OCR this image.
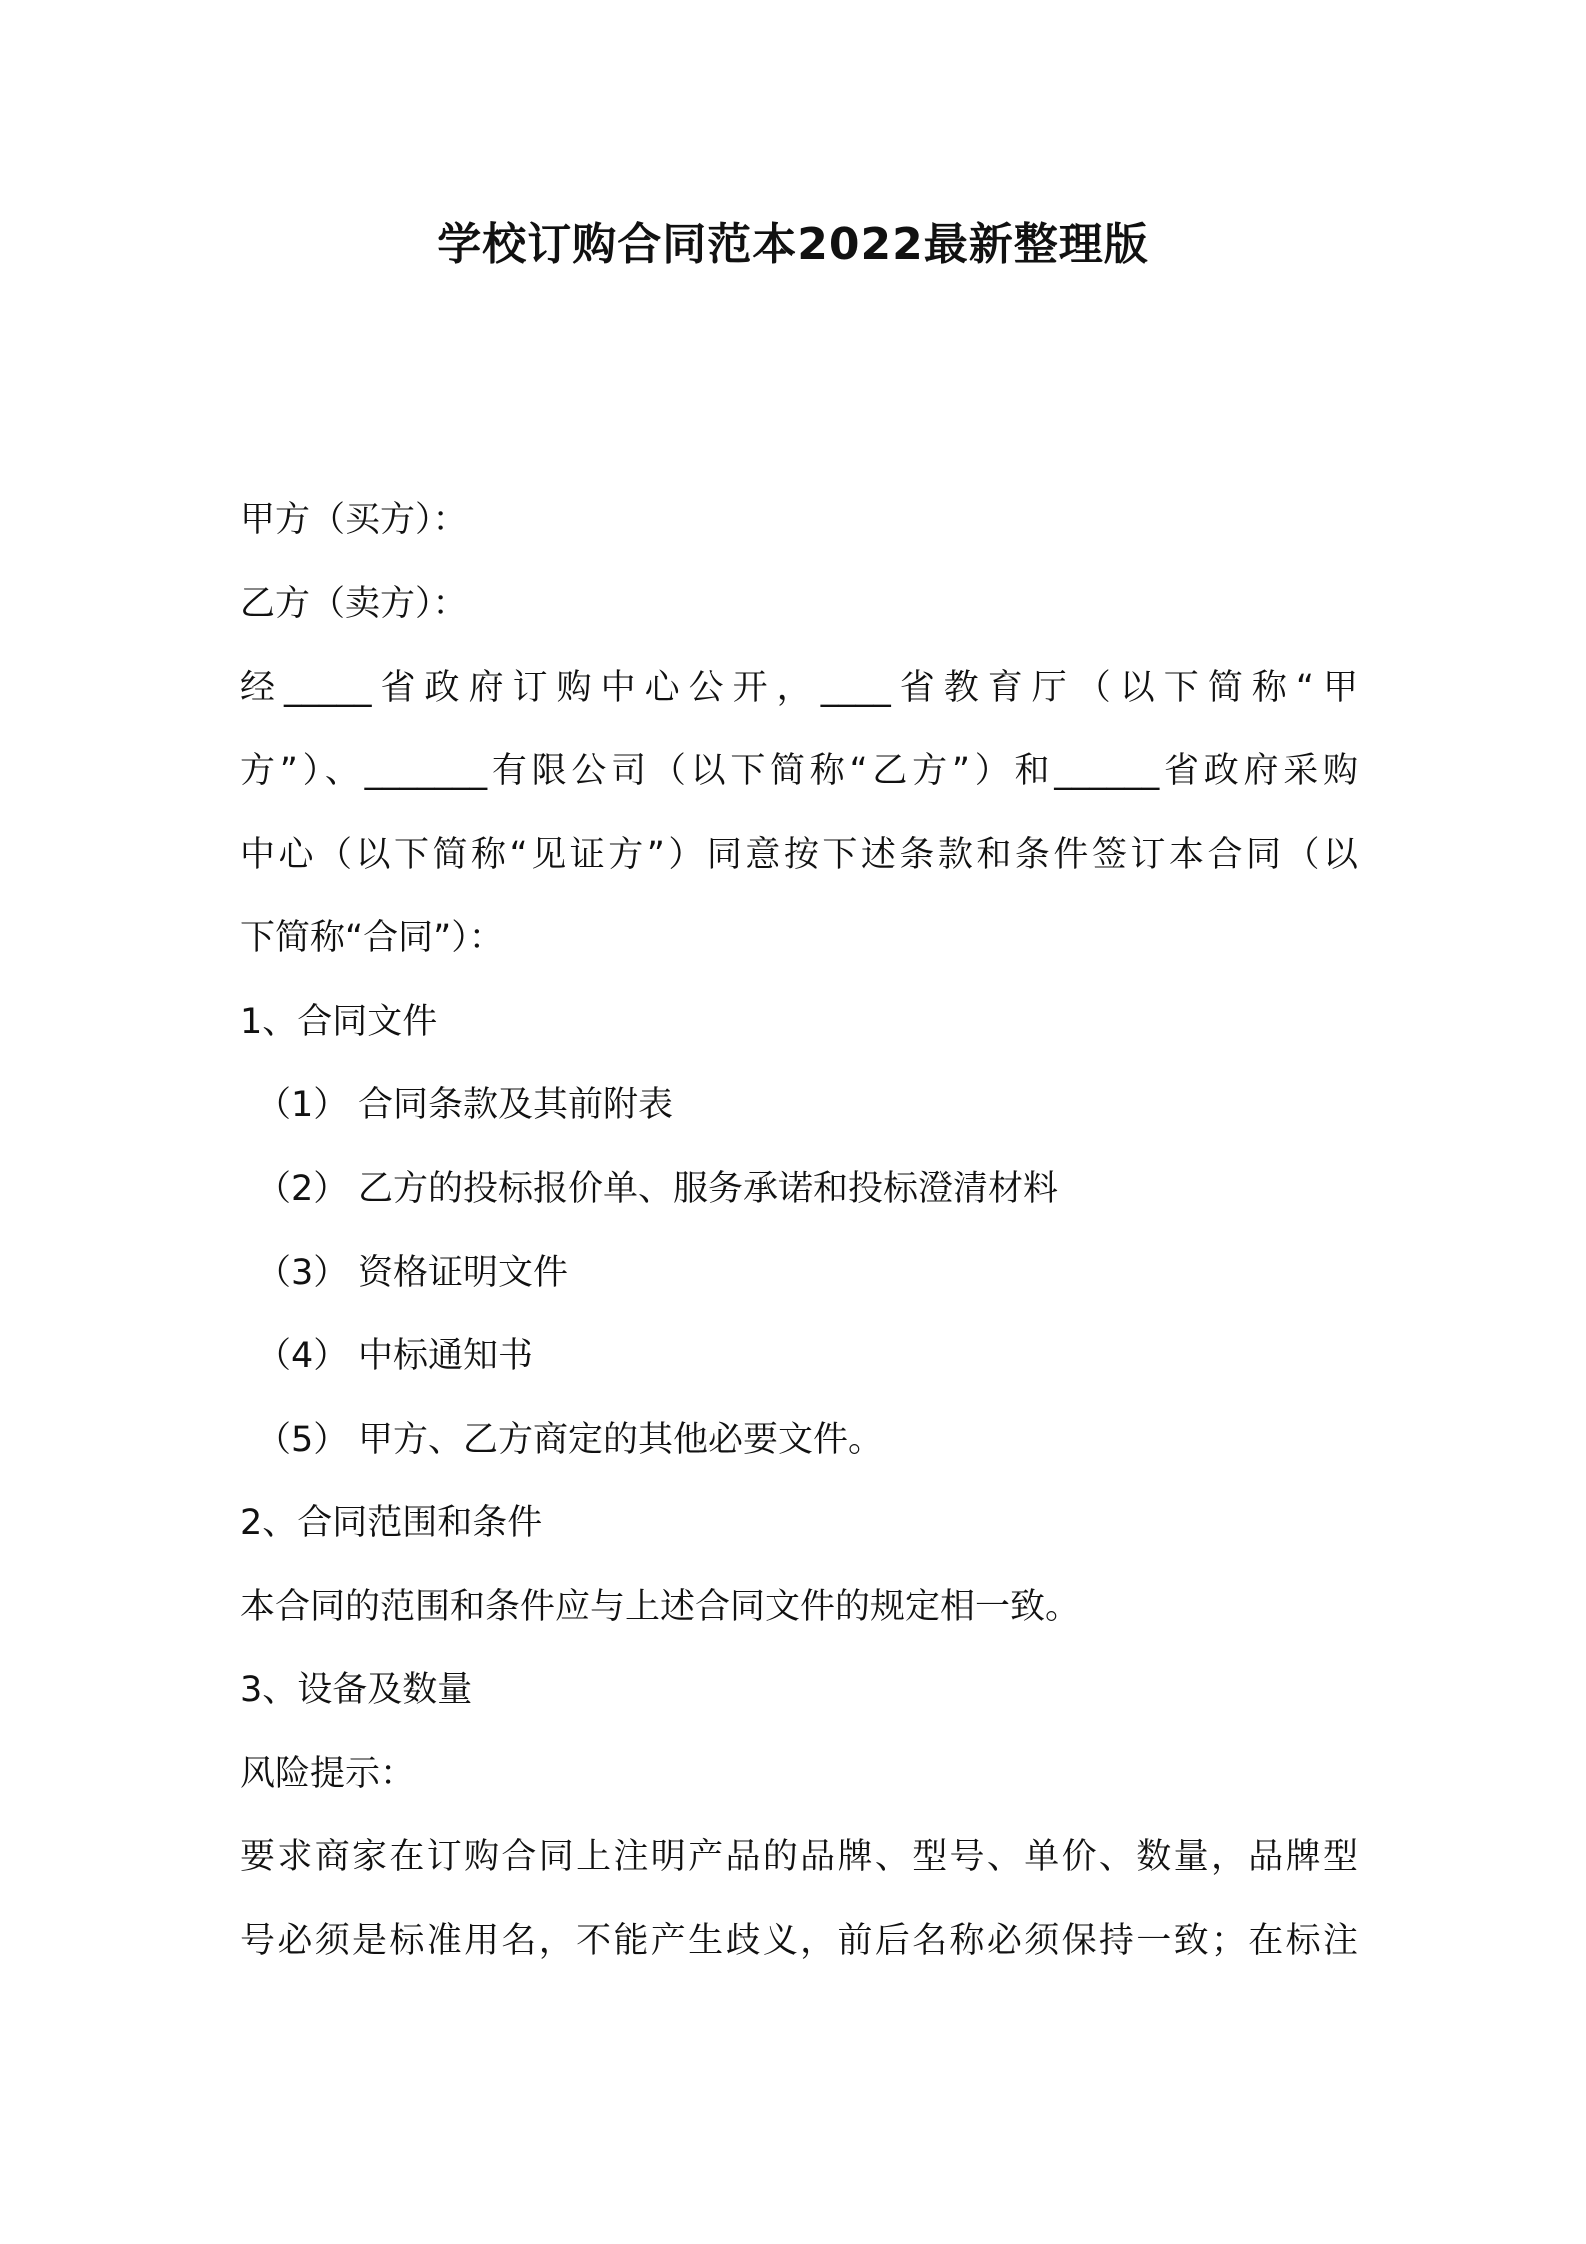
学校订购合同范本2022最新整理版
甲方（买方）：
乙方（卖方）：
经_____省政府订购中心公开，____省教育厅（以下简称“甲
方”）、_______有限公司（以下简称“乙方”）和______省政府采购
中心（以下简称“见证方”）同意按下述条款和条件签订本合同（以
下简称“合同”）：
1、合同文件
（1） 合同条款及其前附表
（2） 乙方的投标报价单、服务承诺和投标澄清材料
（3） 资格证明文件
（4） 中标通知书
（5） 甲方、乙方商定的其他必要文件。
2、合同范围和条件
本合同的范围和条件应与上述合同文件的规定相一致。
3、设备及数量
风险提示：
要求商家在订购合同上注明产品的品牌、型号、单价、数量，品牌型
号必须是标准用名，不能产生歧义，前后名称必须保持一致；在标注
